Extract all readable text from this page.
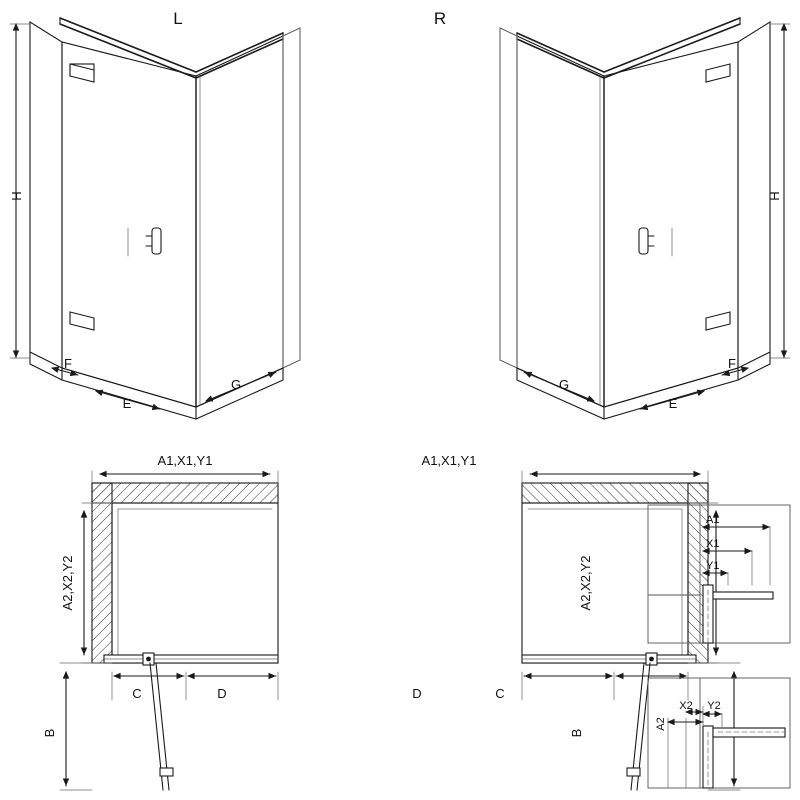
L	R
H
F
E
G
H
F
E
G
A1,X1,Y1
A2,X2,Y2
C	D
B
A1,X1,Y1
A2,X2,Y2
D	C
B
A1
X1
Y1
A2
X2 Y2
